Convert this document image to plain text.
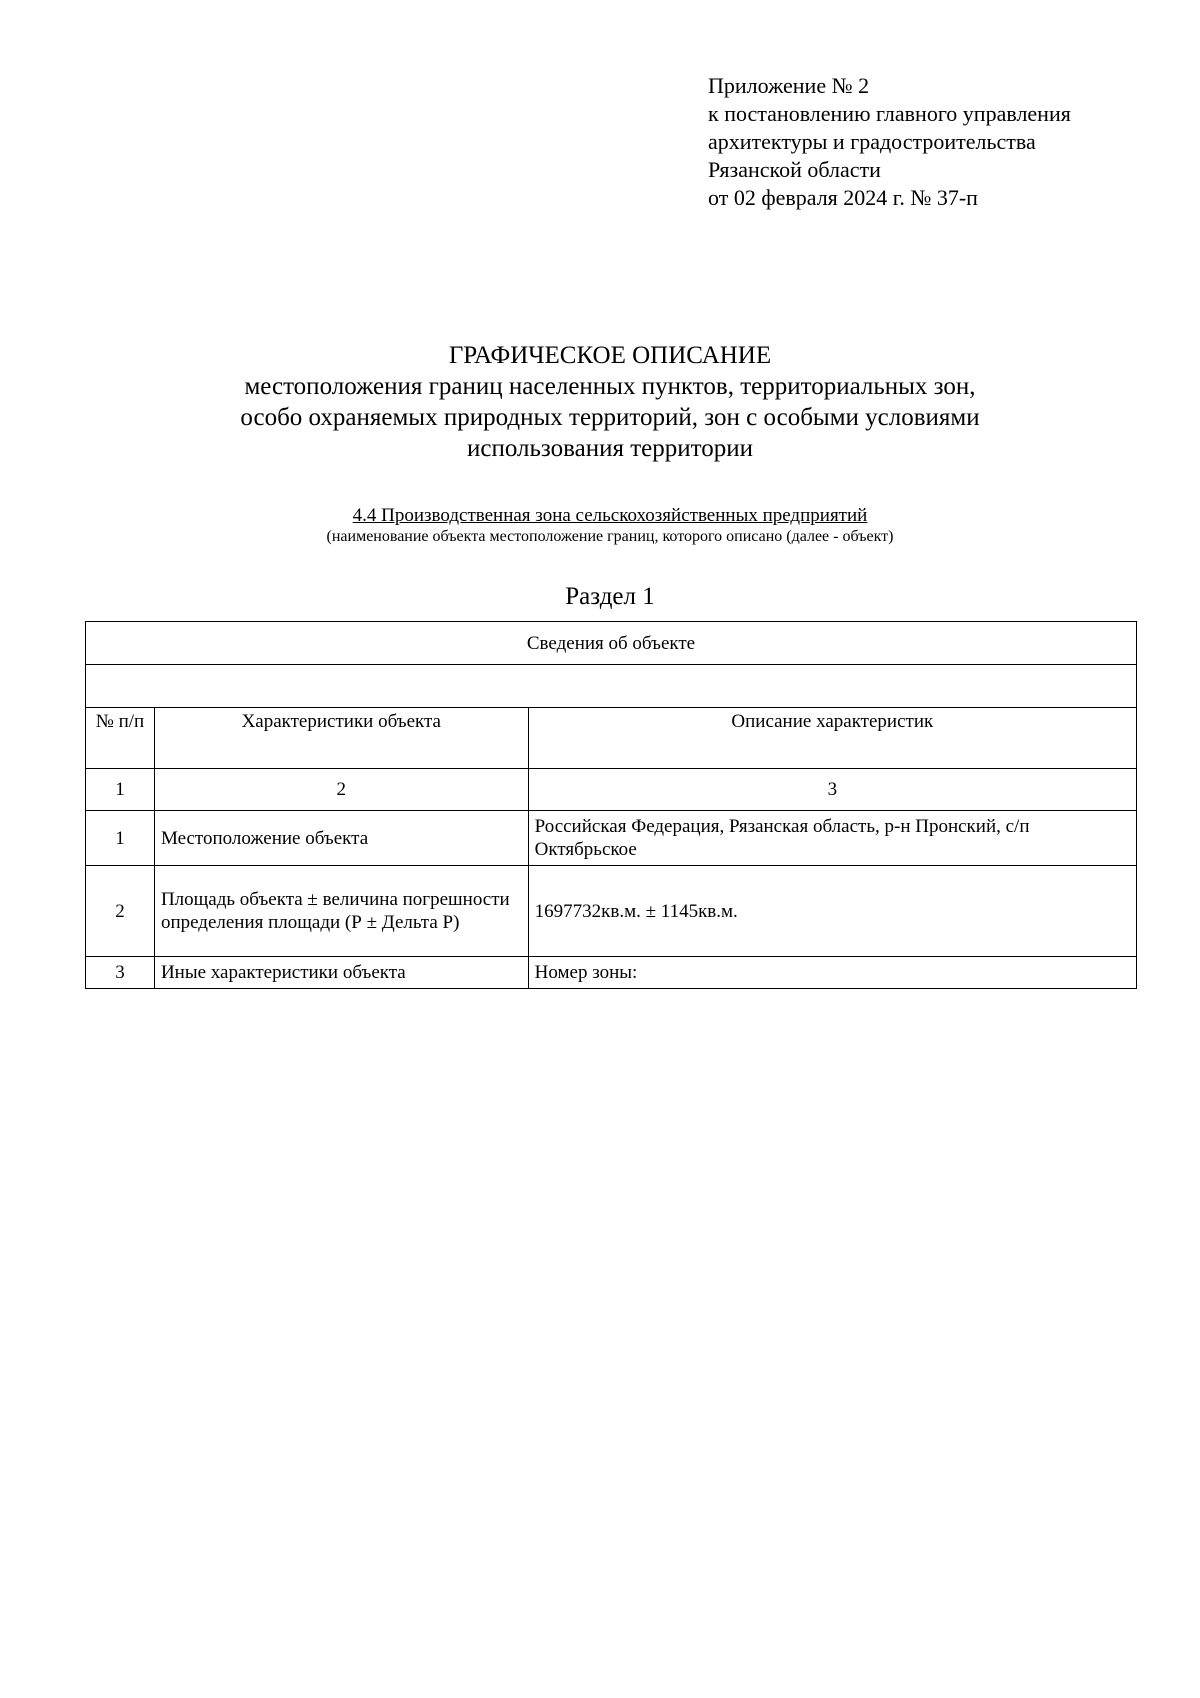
Приложение № 2
к постановлению главного управления
архитектуры и градостроительства
Рязанской области
от 02 февраля 2024 г. № 37-п
ГРАФИЧЕСКОЕ ОПИСАНИЕ
местоположения границ населенных пунктов, территориальных зон,
особо охраняемых природных территорий, зон с особыми условиями
использования территории
4.4 Производственная зона сельскохозяйственных предприятий
(наименование объекта местоположение границ, которого описано (далее - объект)
Раздел 1
Сведения об объекте		

№ п/п	Характеристики объекта	Описание характеристик
1	2	3
1	Местоположение объекта	Российская Федерация, Рязанская область, р-н Пронский, с/п Октябрьское
2	Площадь объекта ± величина погрешности определения площади (Р ± Дельта Р)	1697732кв.м. ± 1145кв.м.
3	Иные характеристики объекта	Номер зоны:
